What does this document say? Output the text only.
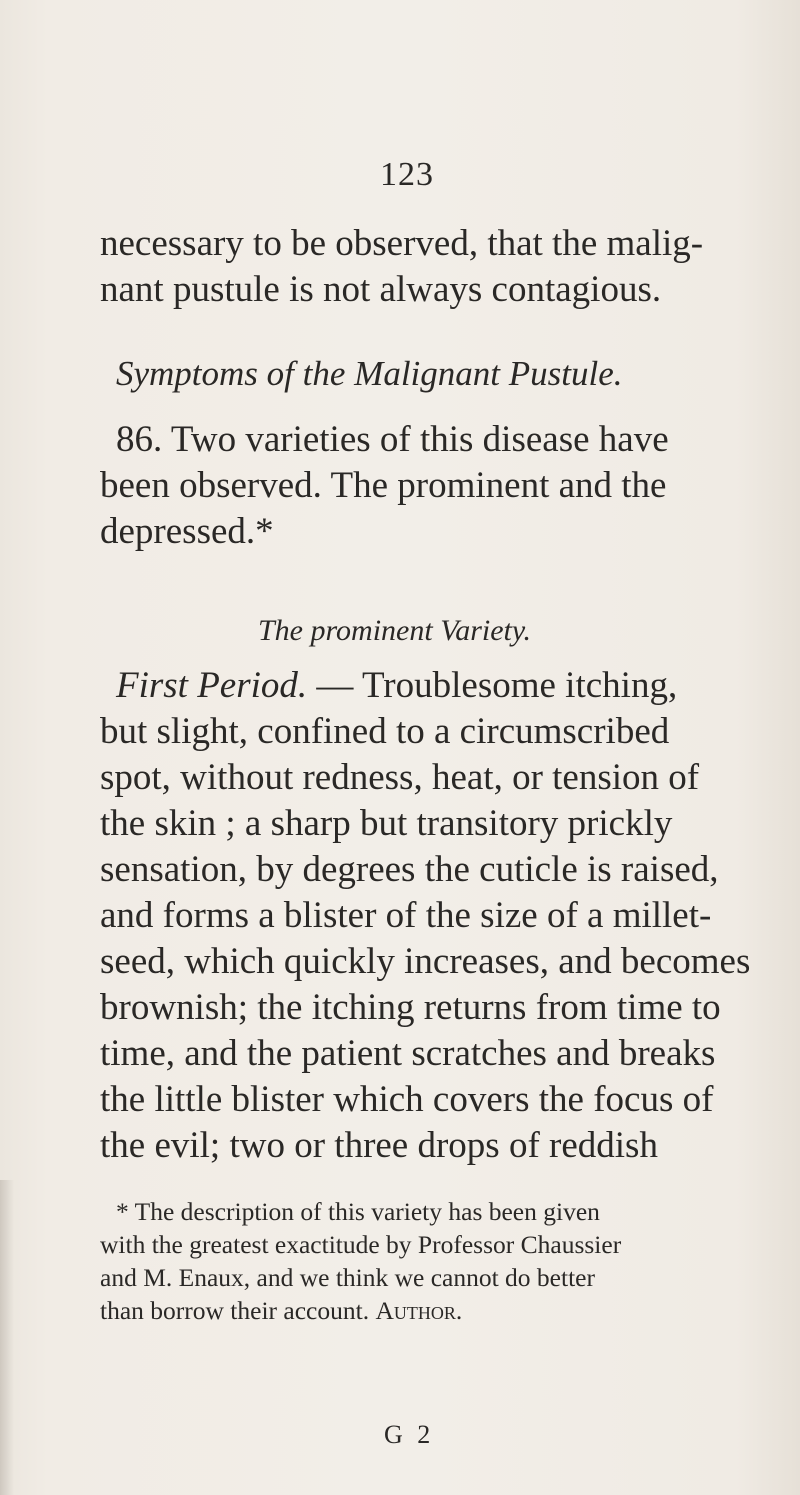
123
necessary to be observed, that the malig-
nant pustule is not always contagious.
Symptoms of the Malignant Pustule.
86. Two varieties of this disease have
been observed. The prominent and the
depressed.*
The prominent Variety.
First Period. — Troublesome itching,
but slight, confined to a circumscribed
spot, without redness, heat, or tension of
the skin ; a sharp but transitory prickly
sensation, by degrees the cuticle is raised,
and forms a blister of the size of a millet-
seed, which quickly increases, and becomes
brownish; the itching returns from time to
time, and the patient scratches and breaks
the little blister which covers the focus of
the evil; two or three drops of reddish
* The description of this variety has been given
with the greatest exactitude by Professor Chaussier
and M. Enaux, and we think we cannot do better
than borrow their account. Author.
G 2
